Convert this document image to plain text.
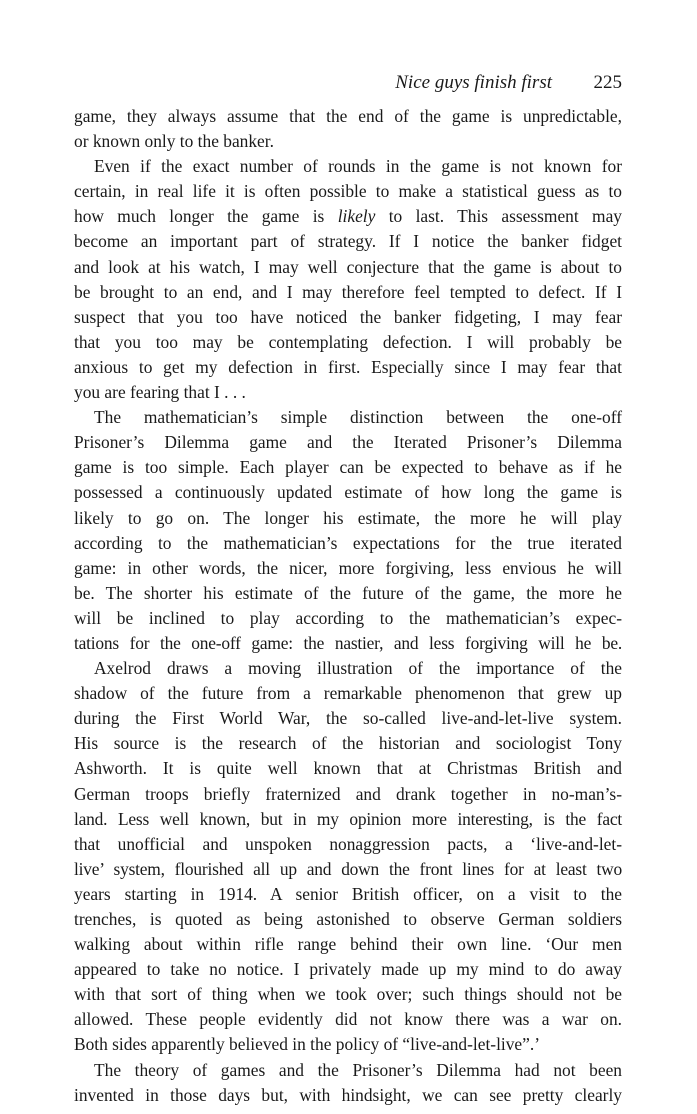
Nice guys finish first 225
game, they always assume that the end of the game is unpredictable,
or known only to the banker.
Even if the exact number of rounds in the game is not known for
certain, in real life it is often possible to make a statistical guess as to
how much longer the game is likely to last. This assessment may
become an important part of strategy. If I notice the banker fidget
and look at his watch, I may well conjecture that the game is about to
be brought to an end, and I may therefore feel tempted to defect. If I
suspect that you too have noticed the banker fidgeting, I may fear
that you too may be contemplating defection. I will probably be
anxious to get my defection in first. Especially since I may fear that
you are fearing that I . . .
The mathematician’s simple distinction between the one-off
Prisoner’s Dilemma game and the Iterated Prisoner’s Dilemma
game is too simple. Each player can be expected to behave as if he
possessed a continuously updated estimate of how long the game is
likely to go on. The longer his estimate, the more he will play
according to the mathematician’s expectations for the true iterated
game: in other words, the nicer, more forgiving, less envious he will
be. The shorter his estimate of the future of the game, the more he
will be inclined to play according to the mathematician’s expec-
tations for the one-off game: the nastier, and less forgiving will he be.
Axelrod draws a moving illustration of the importance of the
shadow of the future from a remarkable phenomenon that grew up
during the First World War, the so-called live-and-let-live system.
His source is the research of the historian and sociologist Tony
Ashworth. It is quite well known that at Christmas British and
German troops briefly fraternized and drank together in no-man’s-
land. Less well known, but in my opinion more interesting, is the fact
that unofficial and unspoken nonaggression pacts, a ‘live-and-let-
live’ system, flourished all up and down the front lines for at least two
years starting in 1914. A senior British officer, on a visit to the
trenches, is quoted as being astonished to observe German soldiers
walking about within rifle range behind their own line. ‘Our men
appeared to take no notice. I privately made up my mind to do away
with that sort of thing when we took over; such things should not be
allowed. These people evidently did not know there was a war on.
Both sides apparently believed in the policy of “live-and-let-live”.’
The theory of games and the Prisoner’s Dilemma had not been
invented in those days but, with hindsight, we can see pretty clearly
